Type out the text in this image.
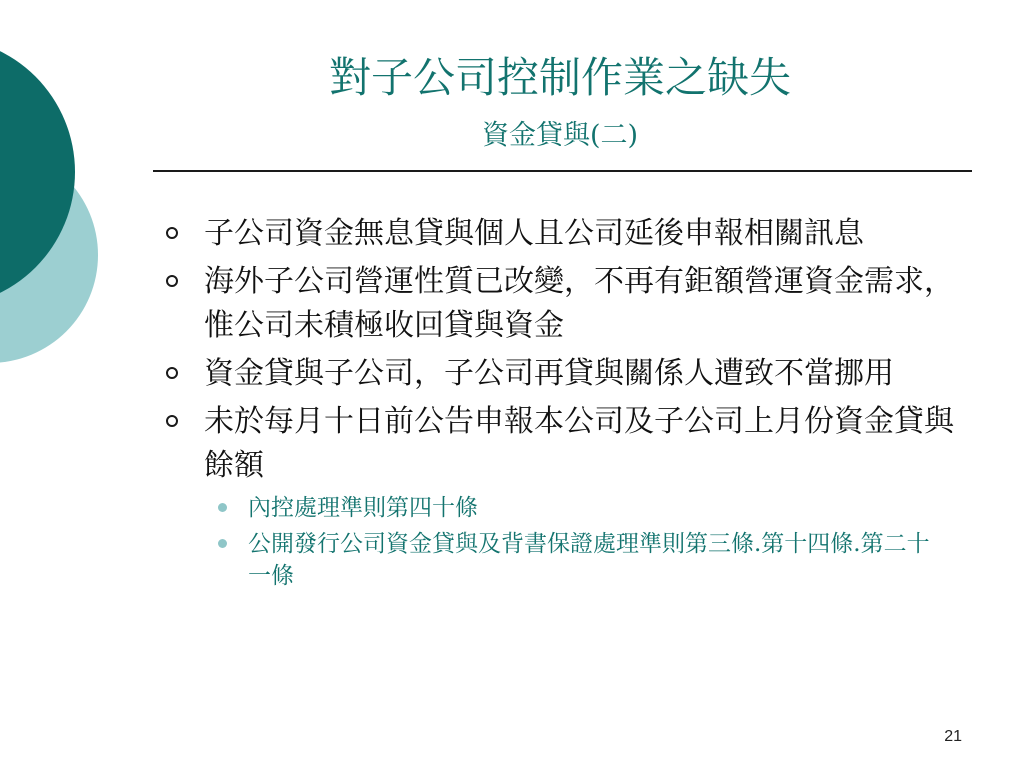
對子公司控制作業之缺失
資金貸與(二)
子公司資金無息貸與個人且公司延後申報相關訊息
海外子公司營運性質已改變，不再有鉅額營運資金需求，惟公司未積極收回貸與資金
資金貸與子公司，子公司再貸與關係人遭致不當挪用
未於每月十日前公告申報本公司及子公司上月份資金貸與餘額
內控處理準則第四十條
公開發行公司資金貸與及背書保證處理準則第三條.第十四條.第二十一條
21
